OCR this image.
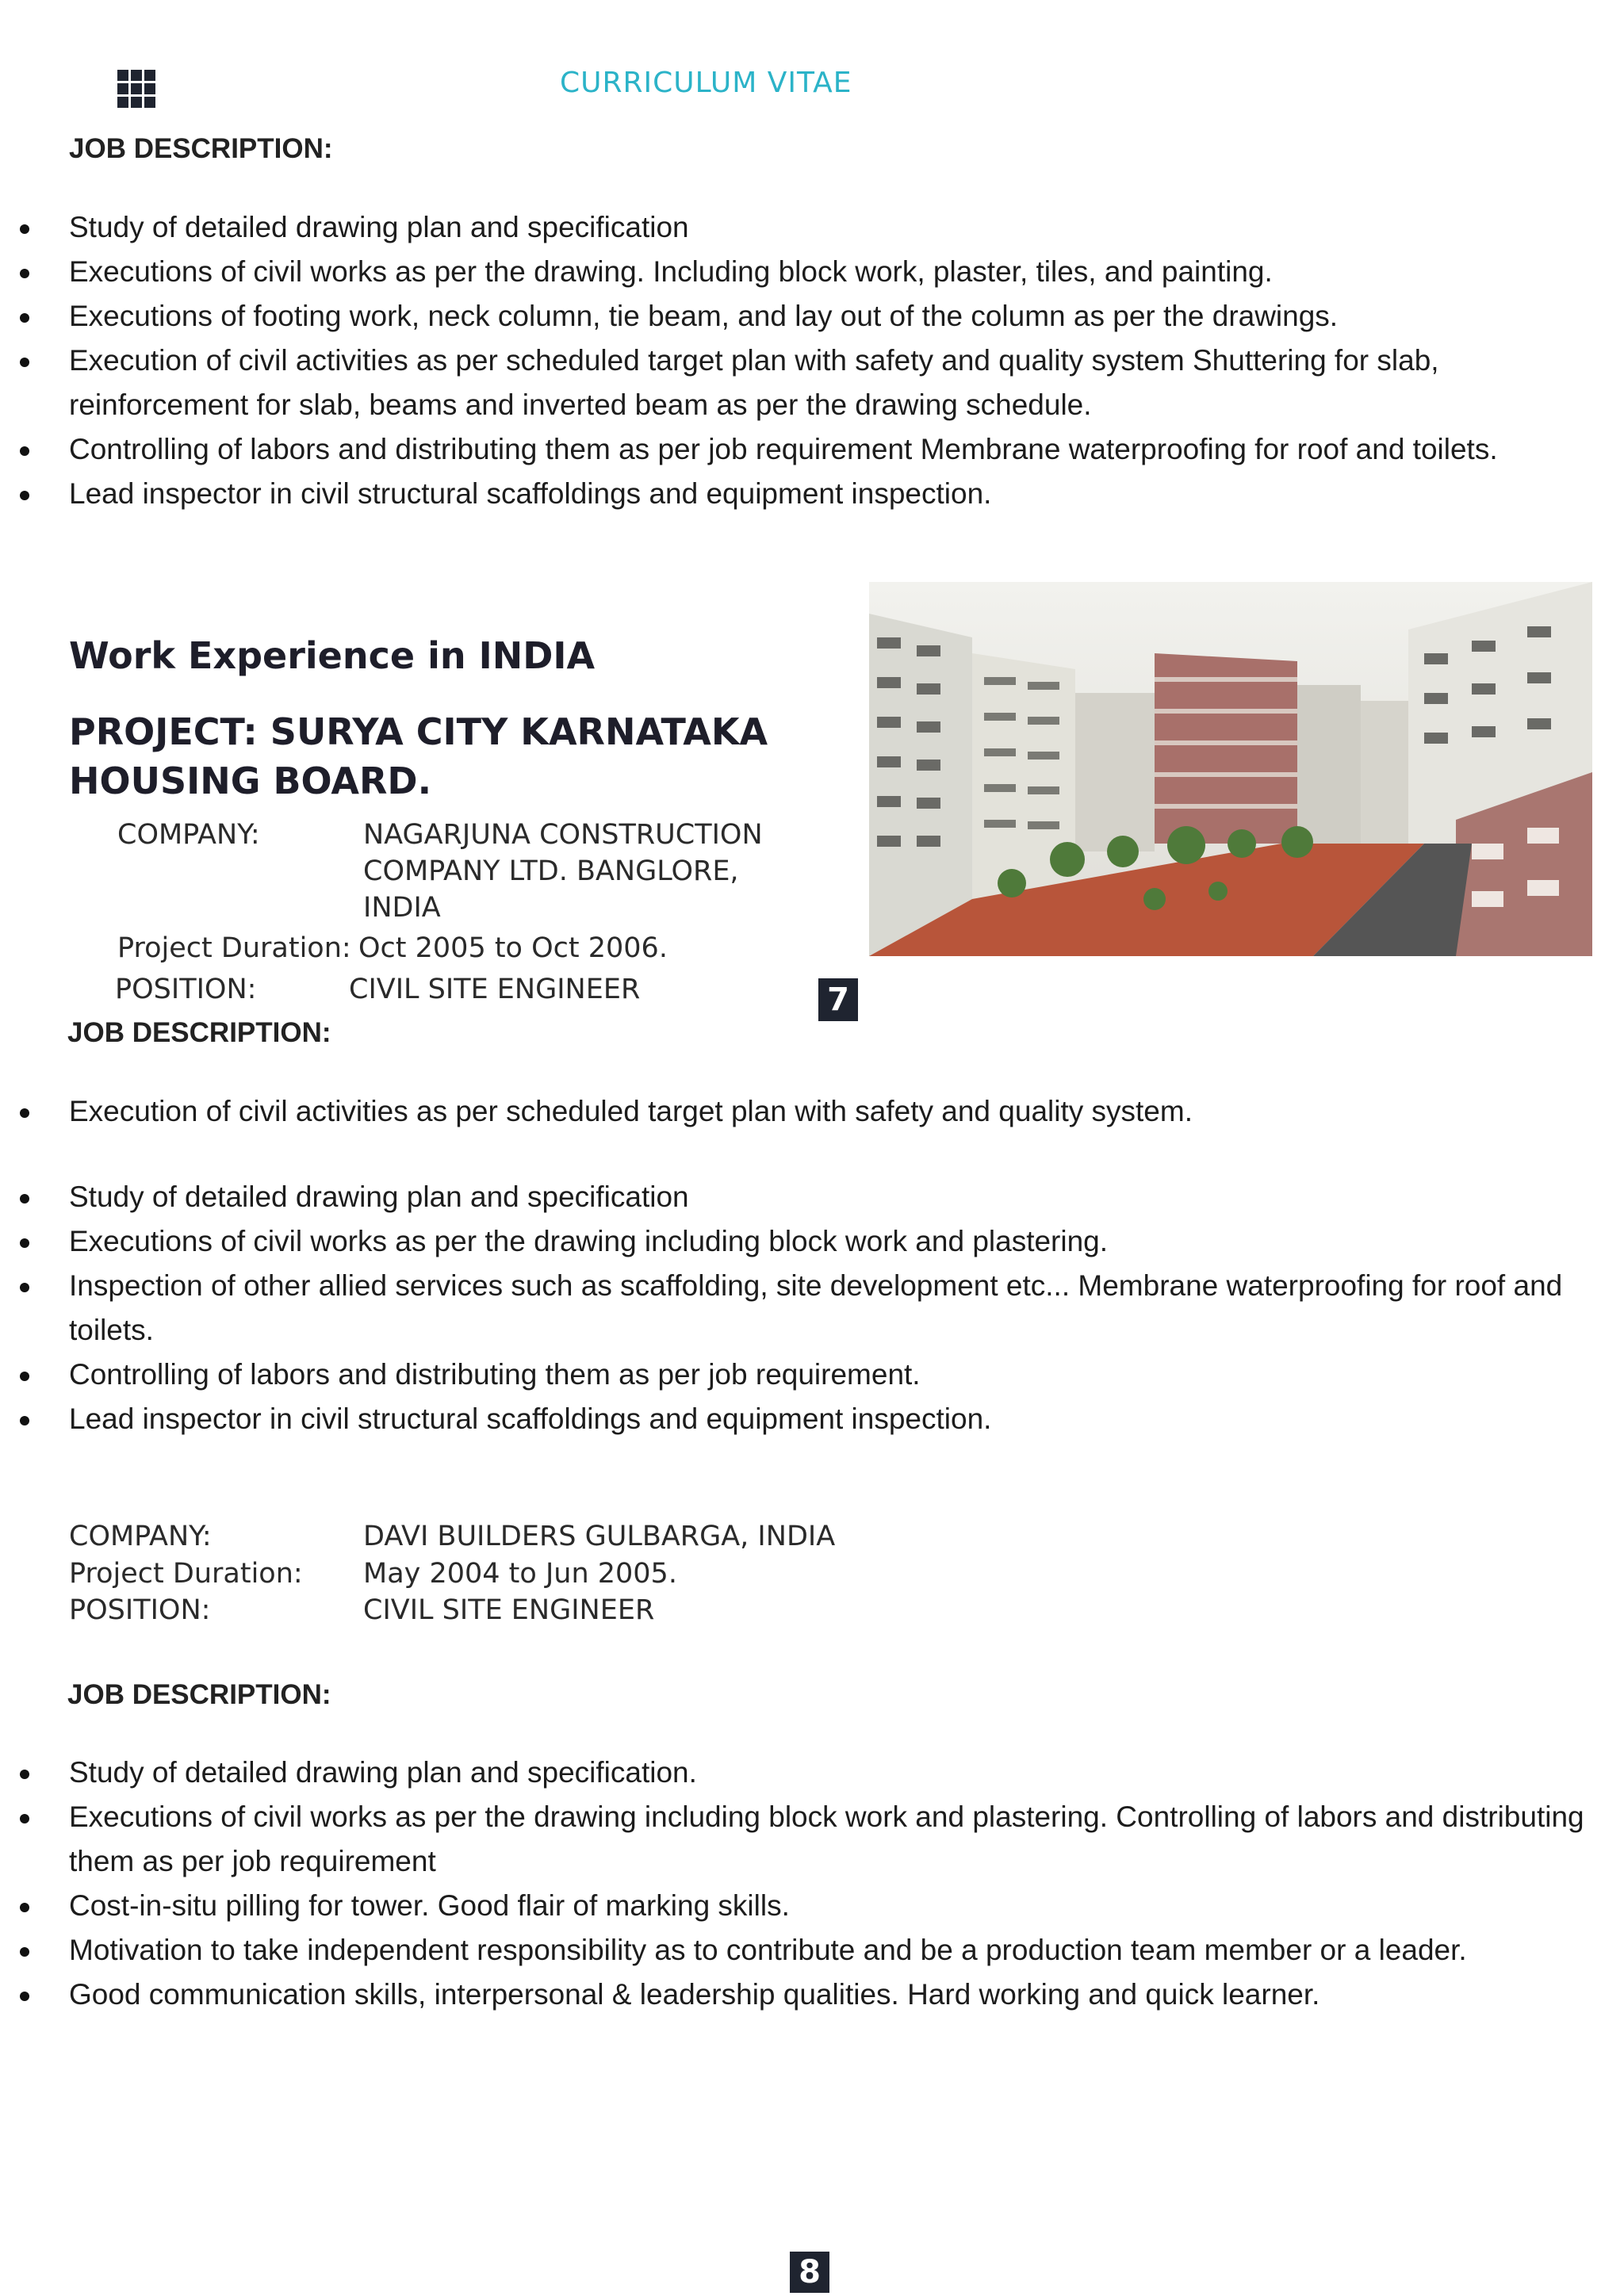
CURRICULUM VITAE
JOB DESCRIPTION:
Study of detailed drawing plan and specification
Executions of civil works as per the drawing. Including block work, plaster, tiles, and painting.
Executions of footing work, neck column, tie beam, and lay out of the column as per the drawings.
Execution of civil activities as per scheduled target plan with safety and quality system Shuttering for slab, reinforcement for slab, beams and inverted beam as per the drawing schedule.
Controlling of labors and distributing them as per job requirement Membrane waterproofing for roof and toilets.
Lead inspector in civil structural scaffoldings and equipment inspection.
Work Experience in INDIA
PROJECT: SURYA CITY KARNATAKA HOUSING BOARD.
COMPANY:	NAGARJUNA CONSTRUCTION COMPANY LTD. BANGLORE, INDIA
Project Duration: Oct 2005 to Oct 2006.
POSITION:	CIVIL SITE ENGINEER	7
JOB DESCRIPTION:
Execution of civil activities as per scheduled target plan with safety and quality system.
Study of detailed drawing plan and specification
Executions of civil works as per the drawing including block work and plastering.
Inspection of other allied services such as scaffolding, site development etc... Membrane waterproofing for roof and toilets.
Controlling of labors and distributing them as per job requirement.
Lead inspector in civil structural scaffoldings and equipment inspection.
COMPANY:	DAVI BUILDERS GULBARGA, INDIA
Project Duration: May 2004 to Jun 2005.
POSITION:	CIVIL SITE ENGINEER
JOB DESCRIPTION:
Study of detailed drawing plan and specification.
Executions of civil works as per the drawing including block work and plastering. Controlling of labors and distributing them as per job requirement
Cost-in-situ pilling for tower. Good flair of marking skills.
Motivation to take independent responsibility as to contribute and be a production team member or a leader.
Good communication skills, interpersonal & leadership qualities. Hard working and quick learner.
8
